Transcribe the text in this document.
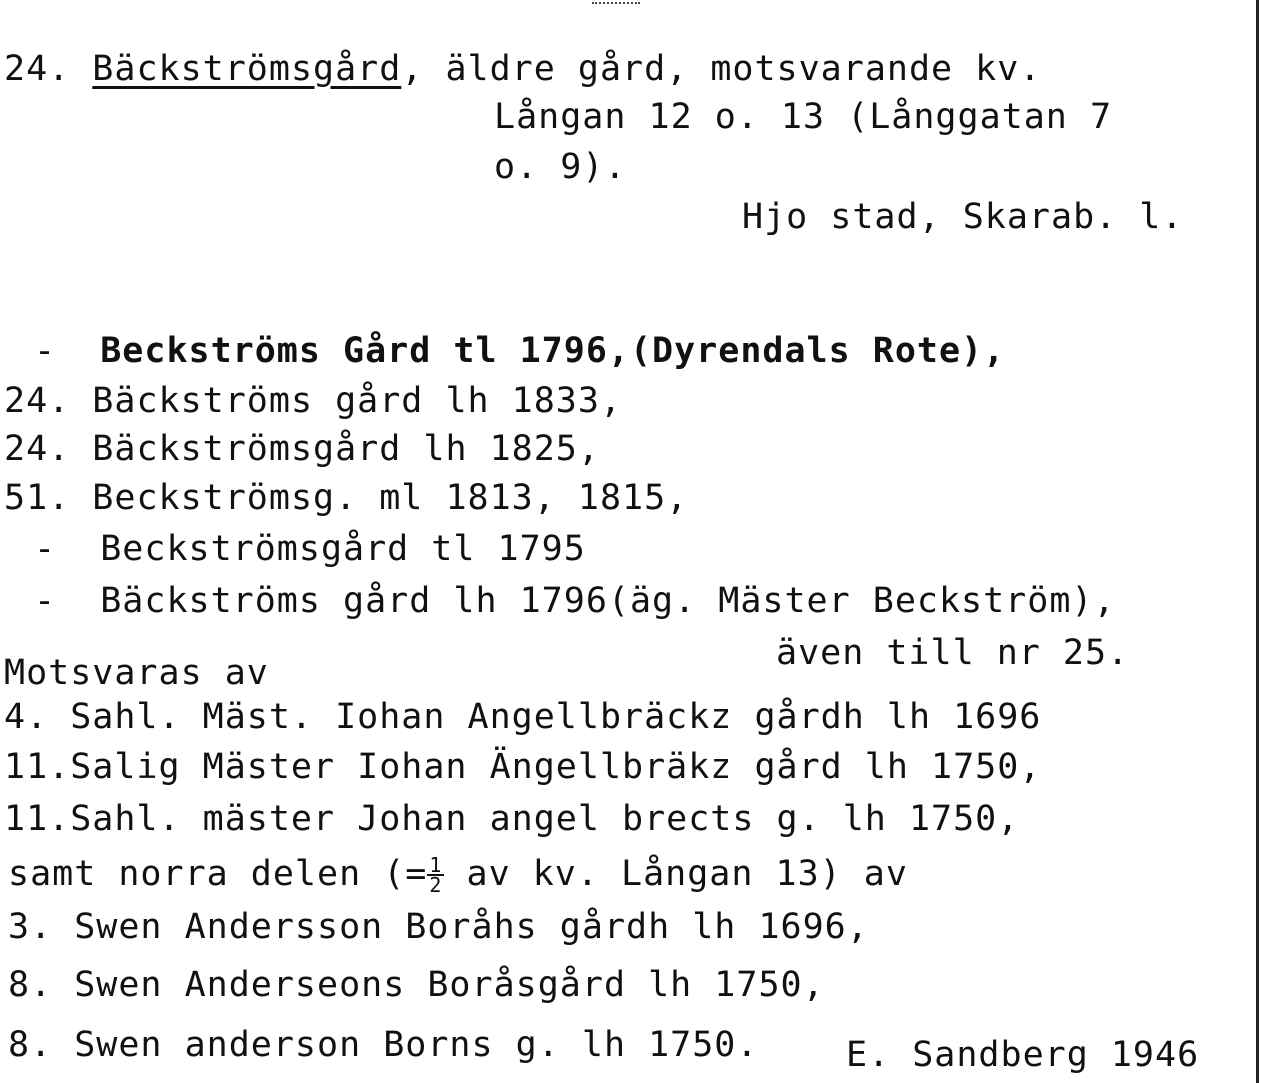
24. Bäckströmsgård, äldre gård, motsvarande kv.
Långan 12 o. 13 (Långgatan 7
o. 9).
Hjo stad, Skarab. l.
- Beckströms Gård tl 1796,(Dyrendals Rote),
24. Bäckströms gård lh 1833,
24. Bäckströmsgård lh 1825,
51. Beckströmsg. ml 1813, 1815,
- Beckströmsgård tl 1795
- Bäckströms gård lh 1796(äg. Mäster Beckström),
även till nr 25.
Motsvaras av
4. Sahl. Mäst. Iohan Angellbräckz gårdh lh 1696
11.Salig Mäster Iohan Ängellbräkz gård lh 1750,
11.Sahl. mäster Johan angel brects g. lh 1750,
samt norra delen (= $\frac{1}{2}$ av kv. Långan 13) av
3. Swen Andersson Boråhs gårdh lh 1696,
8. Swen Anderseons Boråsgård lh 1750,
8. Swen anderson Borns g. lh 1750.	E. Sandberg 1946
